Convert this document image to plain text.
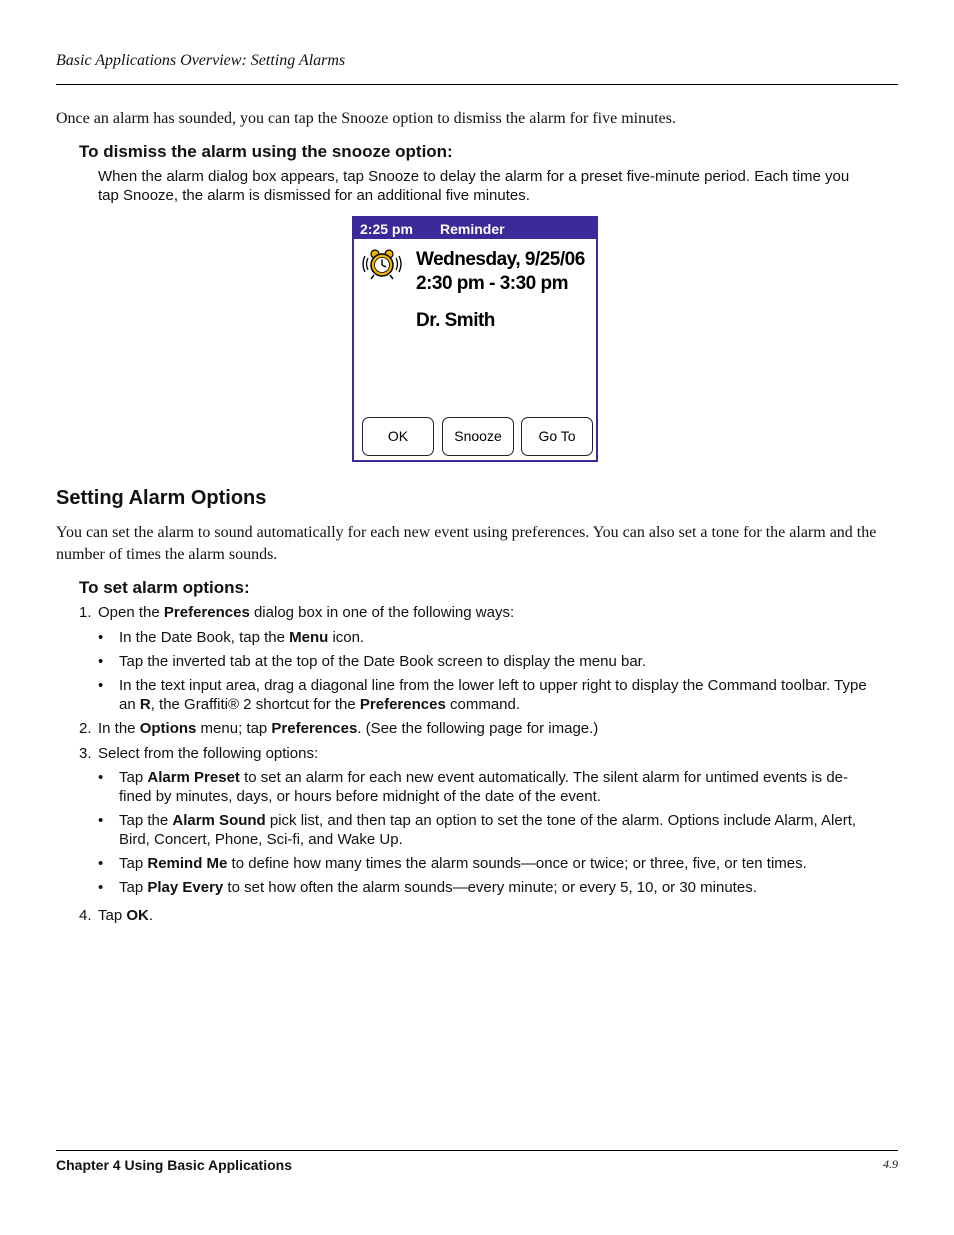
Basic Applications Overview: Setting Alarms
Once an alarm has sounded, you can tap the Snooze option to dismiss the alarm for five minutes.
To dismiss the alarm using the snooze option:
When the alarm dialog box appears, tap Snooze to delay the alarm for a preset five-minute period. Each time you
tap Snooze, the alarm is dismissed for an additional five minutes.
2:25 pm Reminder
Wednesday, 9/25/06
2:30 pm - 3:30 pm
Dr. Smith
OK	Snooze	Go To
Setting Alarm Options
You can set the alarm to sound automatically for each new event using preferences. You can also set a tone for the alarm and the
number of times the alarm sounds.
To set alarm options:
1. Open the Preferences dialog box in one of the following ways:
• In the Date Book, tap the Menu icon.
• Tap the inverted tab at the top of the Date Book screen to display the menu bar.
• In the text input area, drag a diagonal line from the lower left to upper right to display the Command toolbar. Type
an R, the Graffiti® 2 shortcut for the Preferences command.
2. In the Options menu; tap Preferences. (See the following page for image.)
3. Select from the following options:
• Tap Alarm Preset to set an alarm for each new event automatically. The silent alarm for untimed events is de-
fined by minutes, days, or hours before midnight of the date of the event.
• Tap the Alarm Sound pick list, and then tap an option to set the tone of the alarm. Options include Alarm, Alert,
Bird, Concert, Phone, Sci-fi, and Wake Up.
• Tap Remind Me to define how many times the alarm sounds—once or twice; or three, five, or ten times.
• Tap Play Every to set how often the alarm sounds—every minute; or every 5, 10, or 30 minutes.
4. Tap OK.
Chapter 4 Using Basic Applications	4.9
